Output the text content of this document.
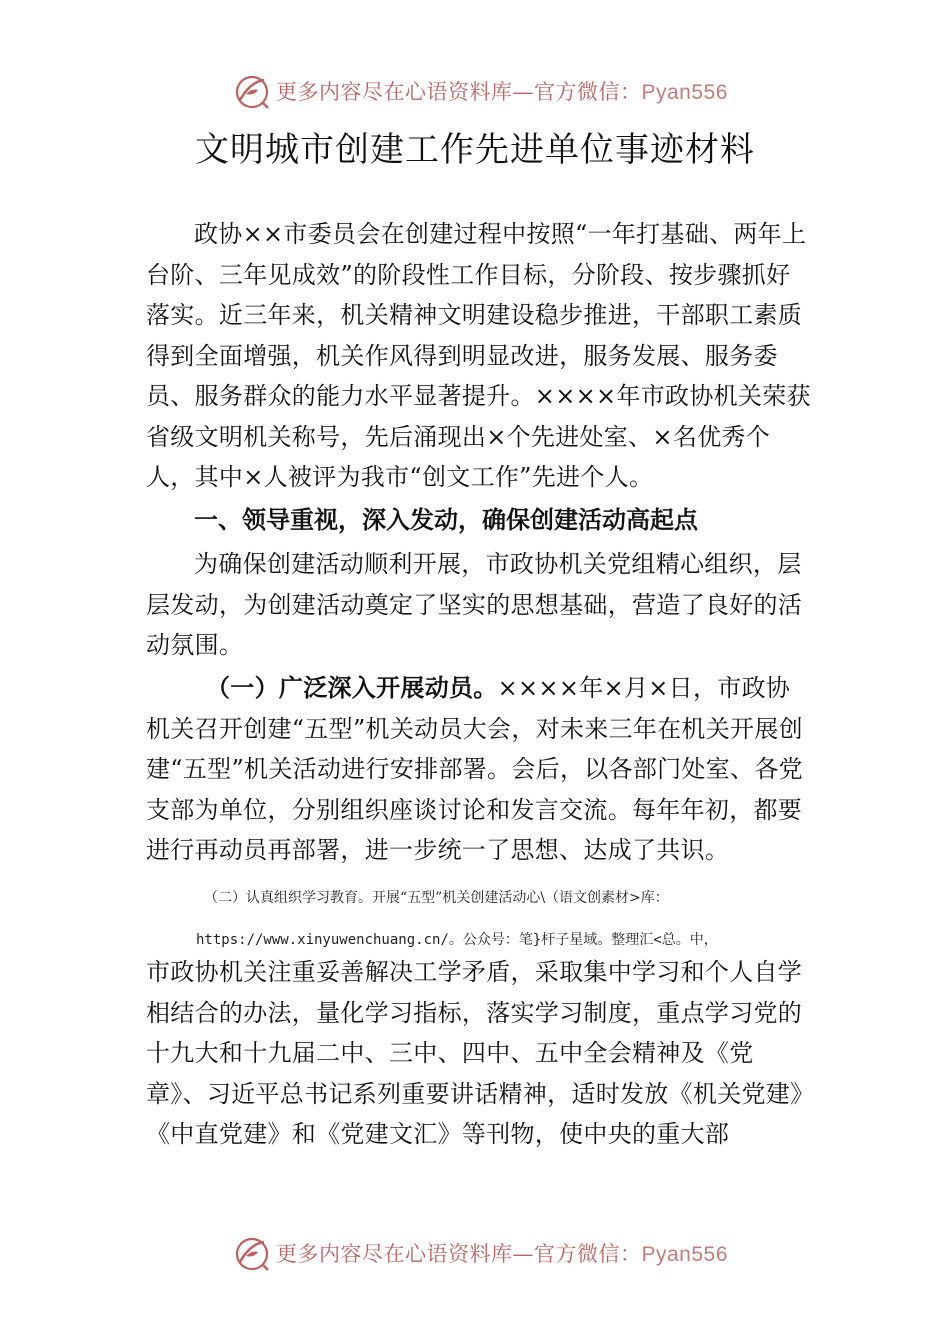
更多内容尽在心语资料库—官方微信：Pyan556
文明城市创建工作先进单位事迹材料
政协××市委员会在创建过程中按照“一年打基础、两年上台阶、三年见成效”的阶段性工作目标，分阶段、按步骤抓好落实。近三年来，机关精神文明建设稳步推进，干部职工素质得到全面增强，机关作风得到明显改进，服务发展、服务委员、服务群众的能力水平显著提升。××××年市政协机关荣获省级文明机关称号，先后涌现出×个先进处室、×名优秀个人，其中×人被评为我市“创文工作”先进个人。
一、领导重视，深入发动，确保创建活动高起点
为确保创建活动顺利开展，市政协机关党组精心组织，层层发动，为创建活动奠定了坚实的思想基础，营造了良好的活动氛围。
（一）广泛深入开展动员。××××年×月×日，市政协机关召开创建“五型”机关动员大会，对未来三年在机关开展创建“五型”机关活动进行安排部署。会后，以各部门处室、各党支部为单位，分别组织座谈讨论和发言交流。每年年初，都要进行再动员再部署，进一步统一了思想、达成了共识。
（二）认真组织学习教育。开展“五型”机关创建活动心\（语文创素材>库：
https://www.xinyuwenchuang.cn/。公众号：笔}杆子星域。整理汇<总。中，
市政协机关注重妥善解决工学矛盾，采取集中学习和个人自学相结合的办法，量化学习指标，落实学习制度，重点学习党的十九大和十九届二中、三中、四中、五中全会精神及《党章》、习近平总书记系列重要讲话精神，适时发放《机关党建》《中直党建》和《党建文汇》等刊物，使中央的重大部
更多内容尽在心语资料库—官方微信：Pyan556
